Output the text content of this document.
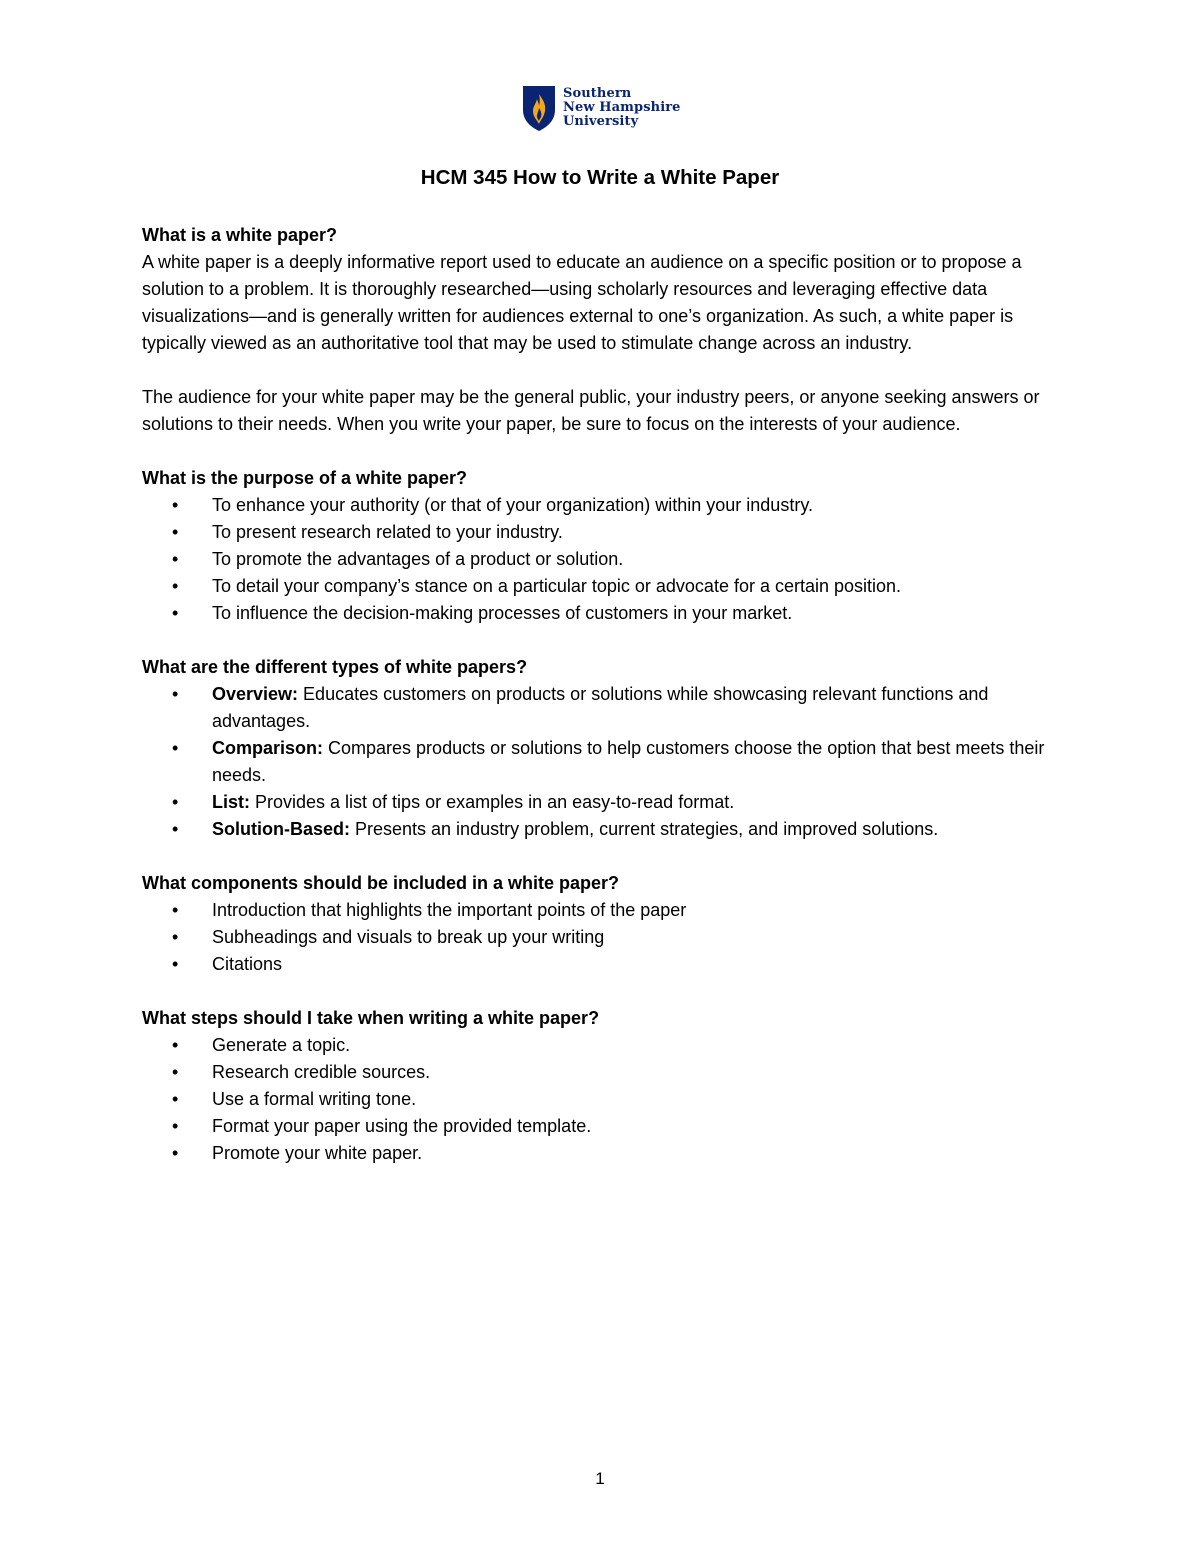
Southern
New Hampshire
University
HCM 345 How to Write a White Paper
What is a white paper?

A white paper is a deeply informative report used to educate an audience on a specific position or to propose a solution to a problem. It is thoroughly researched—using scholarly resources and leveraging effective data visualizations—and is generally written for audiences external to one’s organization. As such, a white paper is typically viewed as an authoritative tool that may be used to stimulate change across an industry.

The audience for your white paper may be the general public, your industry peers, or anyone seeking answers or solutions to their needs. When you write your paper, be sure to focus on the interests of your audience.

What is the purpose of a white paper?
• To enhance your authority (or that of your organization) within your industry.
• To present research related to your industry.
• To promote the advantages of a product or solution.
• To detail your company’s stance on a particular topic or advocate for a certain position.
• To influence the decision-making processes of customers in your market.
What are the different types of white papers?
• Overview: Educates customers on products or solutions while showcasing relevant functions and advantages.
• Comparison: Compares products or solutions to help customers choose the option that best meets their needs.
• List: Provides a list of tips or examples in an easy-to-read format.
• Solution-Based: Presents an industry problem, current strategies, and improved solutions.
What components should be included in a white paper?
• Introduction that highlights the important points of the paper
• Subheadings and visuals to break up your writing
• Citations
What steps should I take when writing a white paper?
• Generate a topic.
• Research credible sources.
• Use a formal writing tone.
• Format your paper using the provided template.
• Promote your white paper.
1
